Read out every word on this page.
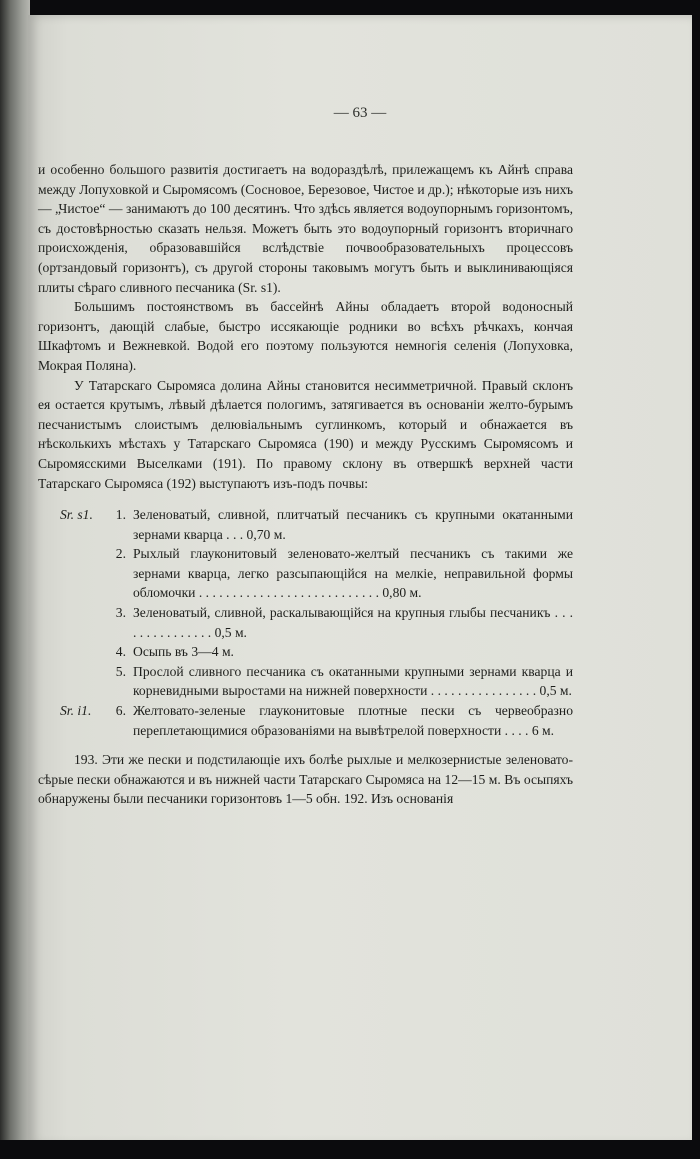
— 63 —

и особенно большого развитія достигаетъ на водораздѣлѣ, прилежащемъ къ Айнѣ справа между Лопуховкой и Сыромясомъ (Сосновое, Березовое, Чистое и др.); нѣкоторые изъ нихъ — „Чистое“ — занимаютъ до 100 десятинъ. Что здѣсь является водоупорнымъ горизонтомъ, съ достовѣрностью сказать нельзя. Можетъ быть это водоупорный горизонтъ вторичнаго происхожденія, образовавшійся вслѣдствіе почвообразовательныхъ процессовъ (ортзандовый горизонтъ), съ другой стороны таковымъ могутъ быть и выклинивающіяся плиты сѣраго сливного песчаника (Sr. s1).

Большимъ постоянствомъ въ бассейнѣ Айны обладаетъ второй водоносный горизонтъ, дающій слабые, быстро иссякающіе родники во всѣхъ рѣчкахъ, кончая Шкафтомъ и Вежневкой. Водой его поэтому пользуются немногія селенія (Лопуховка, Мокрая Поляна).

У Татарскаго Сыромяса долина Айны становится несимметричной. Правый склонъ ея остается крутымъ, лѣвый дѣлается пологимъ, затягивается въ основаніи желто-бурымъ песчанистымъ слоистымъ делювіальнымъ суглинкомъ, который и обнажается въ нѣсколькихъ мѣстахъ у Татарскаго Сыромяса (190) и между Русскимъ Сыромясомъ и Сыромясскими Выселками (191). По правому склону въ отвершкѣ верхней части Татарскаго Сыромяса (192) выступаютъ изъ-подъ почвы:

Sr. s1.	1. Зеленоватый, сливной, плитчатый песчаникъ съ крупными окатанными зернами кварца . . . 0,70 м.
2. Рыхлый глауконитовый зеленовато-желтый песчаникъ съ такими же зернами кварца, легко разсыпающійся на мелкіе, неправильной формы обломочки . . . . . . . . . . . . . . . . . . . . . . . . . . . 0,80 м.
3. Зеленоватый, сливной, раскалывающійся на крупныя глыбы песчаникъ . . . . . . . . . . . . . . . 0,5 м.
4. Осыпь въ 3—4 м.
5. Прослой сливного песчаника съ окатанными крупными зернами кварца и корневидными выростами на нижней поверхности . . . . . . . . . . . . . . . . 0,5 м.
Sr. i1.	6. Желтовато-зеленые глауконитовые плотные пески съ червеобразно переплетающимися образованіями на вывѣтрелой поверхности . . . . 6 м.

193. Эти же пески и подстилающіе ихъ болѣе рыхлые и мелкозернистые зеленовато-сѣрые пески обнажаются и въ нижней части Татарскаго Сыромяса на 12—15 м. Въ осыпяхъ обнаружены были песчаники горизонтовъ 1—5 обн. 192. Изъ основанія
